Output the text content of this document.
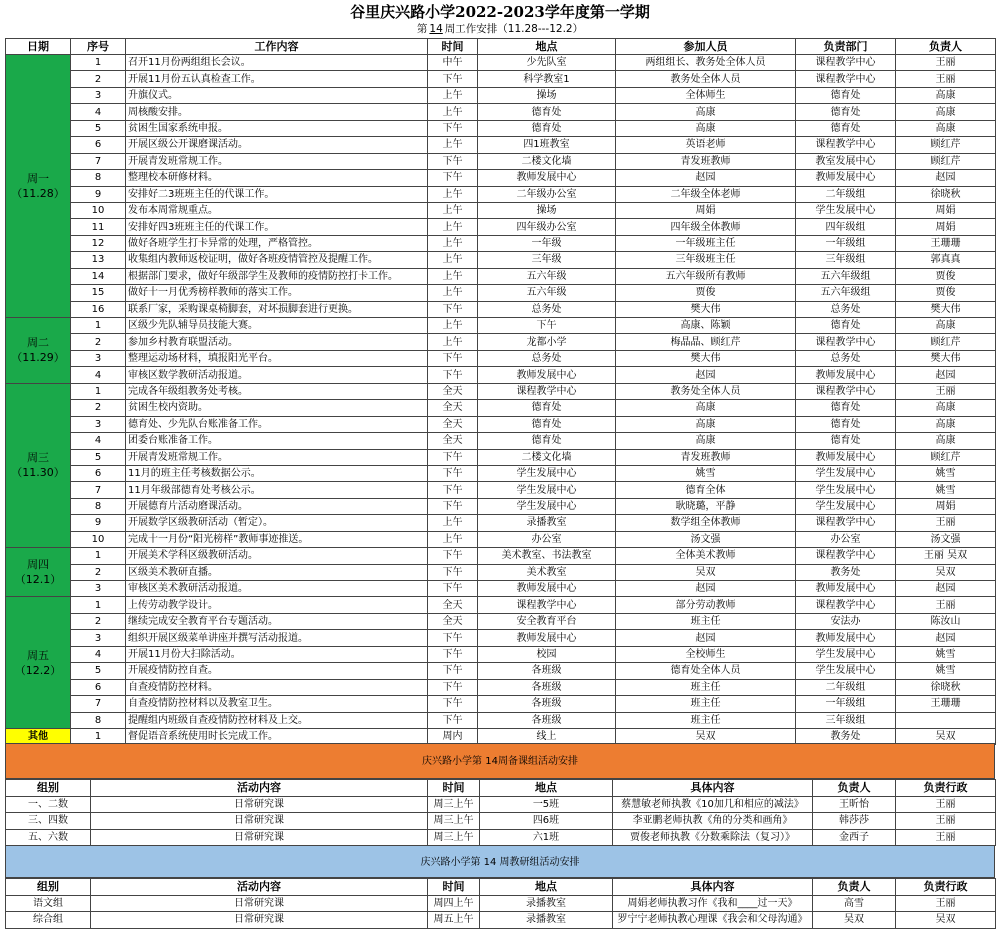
谷里庆兴路小学2022-2023学年度第一学期
第 14 周工作安排（11.28---12.2）
日期	序号	工作内容	时间	地点	参加人员	负责部门	负责人

周一
（11.28）	1	召开11月份两组组长会议。	中午	少先队室	两组组长、教务处全体人员	课程教学中心	王丽
	2	开展11月份五认真检查工作。	下午	科学教室1	教务处全体人员	课程教学中心	王丽
	3	升旗仪式。	上午	操场	全体师生	德育处	高康
	4	周核酸安排。	上午	德育处	高康	德育处	高康
	5	贫困生国家系统申报。	下午	德育处	高康	德育处	高康
	6	开展区级公开课磨课活动。	上午	四1班教室	英语老师	课程教学中心	顾红芹
	7	开展青发班常规工作。	下午	二楼文化墙	青发班教师	教室发展中心	顾红芹
	8	整理校本研修材料。	下午	教师发展中心	赵园	教师发展中心	赵园
	9	安排好二3班班主任的代课工作。	上午	二年级办公室	二年级全体老师	二年级组	徐晓秋
	10	发布本周常规重点。	上午	操场	周娟	学生发展中心	周娟
	11	安排好四3班班主任的代课工作。	上午	四年级办公室	四年级全体教师	四年级组	周娟
	12	做好各班学生打卡异常的处理，严格管控。	上午	一年级	一年级班主任	一年级组	王珊珊
	13	收集组内教师返校证明，做好各班疫情管控及提醒工作。	上午	三年级	三年级班主任	三年级组	郭真真
	14	根据部门要求，做好年级部学生及教师的疫情防控打卡工作。	上午	五六年级	五六年级所有教师	五六年级组	贾俊
	15	做好十一月优秀榜样教师的落实工作。	上午	五六年级	贾俊	五六年级组	贾俊
	16	联系厂家，采购课桌椅脚套，对坏损脚套进行更换。	下午	总务处	樊大伟	总务处	樊大伟

周二
（11.29）	1	区级少先队辅导员技能大赛。	上午	下午	高康、陈颖	德育处	高康
	2	参加乡村教育联盟活动。	上午	龙都小学	梅晶晶、顾红芹	课程教学中心	顾红芹
	3	整理运动场材料，填报阳光平台。	下午	总务处	樊大伟	总务处	樊大伟
	4	审核区数学教研活动报道。	下午	教师发展中心	赵园	教师发展中心	赵园

周三
（11.30）	1	完成各年级组教务处考核。	全天	课程教学中心	教务处全体人员	课程教学中心	王丽
	2	贫困生校内资助。	全天	德育处	高康	德育处	高康
	3	德育处、少先队台账准备工作。	全天	德育处	高康	德育处	高康
	4	团委台账准备工作。	全天	德育处	高康	德育处	高康
	5	开展青发班常规工作。	下午	二楼文化墙	青发班教师	教师发展中心	顾红芹
	6	11月的班主任考核数据公示。	下午	学生发展中心	姚雪	学生发展中心	姚雪
	7	11月年级部德育处考核公示。	下午	学生发展中心	德育全体	学生发展中心	姚雪
	8	开展德育片活动磨课活动。	下午	学生发展中心	耿晓璐，平静	学生发展中心	周娟
	9	开展数学区级教研活动（暂定）。	上午	录播教室	数学组全体教师	课程教学中心	王丽
	10	完成十一月份“阳光榜样”教师事迹推送。	上午	办公室	汤文强	办公室	汤文强

周四
（12.1）	1	开展美术学科区级教研活动。	下午	美术教室、书法教室	全体美术教师	课程教学中心	王丽 吴双
	2	区级美术教研直播。	下午	美术教室	吴双	教务处	吴双
	3	审核区美术教研活动报道。	下午	教师发展中心	赵园	教师发展中心	赵园

周五
（12.2）	1	上传劳动教学设计。	全天	课程教学中心	部分劳动教师	课程教学中心	王丽
	2	继续完成安全教育平台专题活动。	全天	安全教育平台	班主任	安法办	陈汝山
	3	组织开展区级菜单讲座并撰写活动报道。	下午	教师发展中心	赵园	教师发展中心	赵园
	4	开展11月份大扫除活动。	下午	校园	全校师生	学生发展中心	姚雪
	5	开展疫情防控自查。	下午	各班级	德育处全体人员	学生发展中心	姚雪
	6	自查疫情防控材料。	下午	各班级	班主任	二年级组	徐晓秋
	7	自查疫情防控材料以及教室卫生。	下午	各班级	班主任	一年级组	王珊珊
	8	提醒组内班级自查疫情防控材料及上交。	下午	各班级	班主任	三年级组	
其他	1	督促语音系统使用时长完成工作。	周内	线上	吴双	教务处	吴双
庆兴路小学第 14周备课组活动安排
组别	活动内容	时间	地点	具体内容	负责人	负责行政
一、二数	日常研究课	周三上午	一5班	蔡慧敏老师执教《10加几和相应的减法》	王昕怡	王丽
三、四数	日常研究课	周三上午	四6班	李亚鹏老师执教《角的分类和画角》	韩莎莎	王丽
五、六数	日常研究课	周三上午	六1班	贾俊老师执教《分数乘除法（复习）》	金西子	王丽
庆兴路小学第 14 周教研组活动安排
组别	活动内容	时间	地点	具体内容	负责人	负责行政
语文组	日常研究课	周四上午	录播教室	周娟老师执教习作《我和____过一天》	高雪	王丽
综合组	日常研究课	周五上午	录播教室	罗宁宁老师执教心理课《我会和父母沟通》	吴双	吴双
